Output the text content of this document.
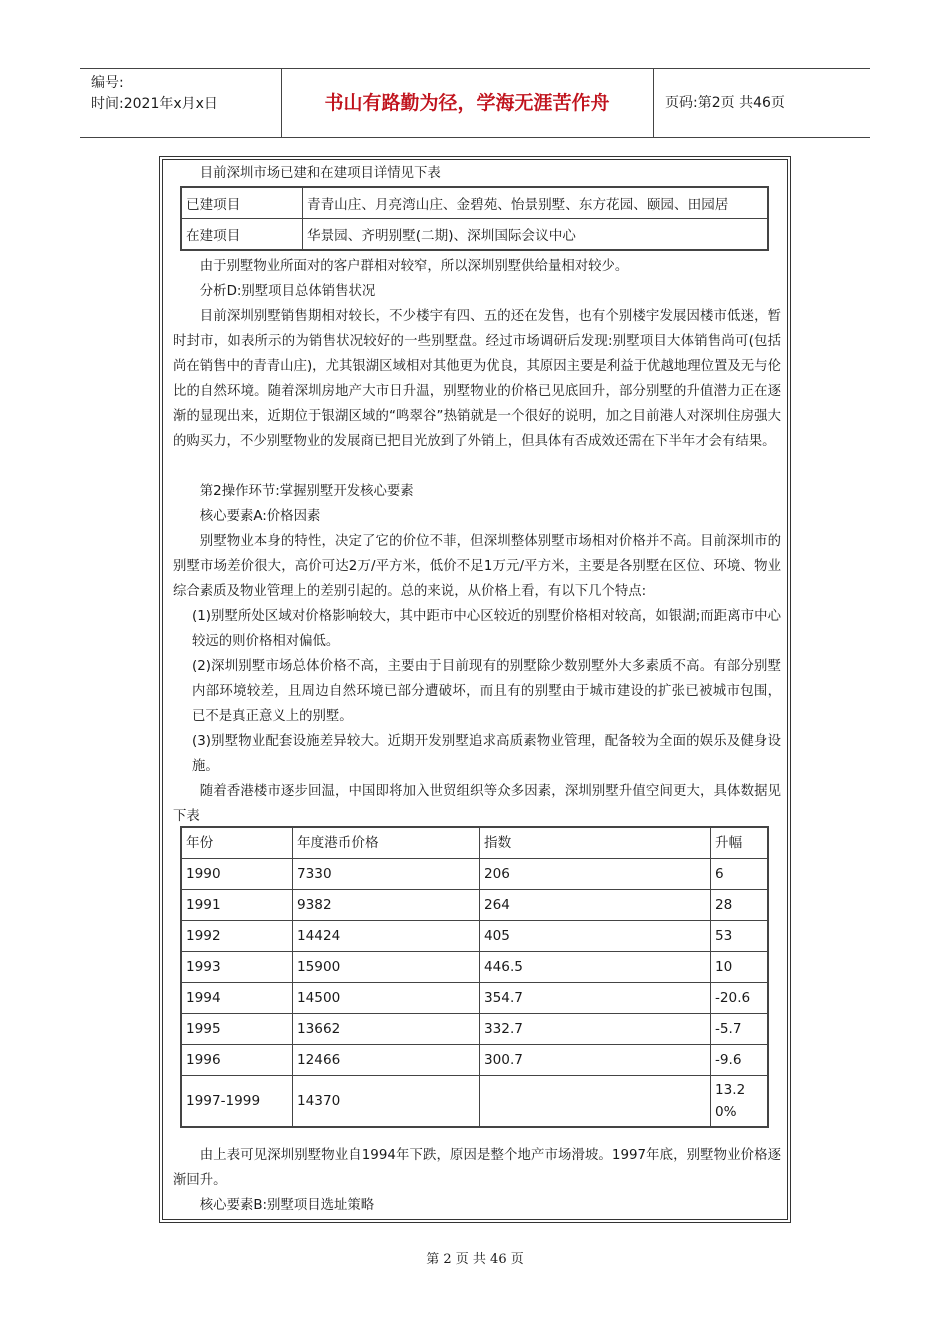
编号:
时间:2021年x月x日	书山有路勤为径，学海无涯苦作舟	页码:第2页 共46页

目前深圳市场已建和在建项目详情见下表

已建项目	青青山庄、月亮湾山庄、金碧苑、怡景别墅、东方花园、颐园、田园居
在建项目	华景园、齐明别墅(二期)、深圳国际会议中心

由于别墅物业所面对的客户群相对较窄，所以深圳别墅供给量相对较少。

分析D:别墅项目总体销售状况

目前深圳别墅销售期相对较长，不少楼宇有四、五的还在发售，也有个别楼宇发展因楼市低迷，暂时封市，如表所示的为销售状况较好的一些别墅盘。经过市场调研后发现:别墅项目大体销售尚可(包括尚在销售中的青青山庄)，尤其银湖区域相对其他更为优良，其原因主要是利益于优越地理位置及无与伦比的自然环境。随着深圳房地产大市日升温，别墅物业的价格已见底回升，部分别墅的升值潜力正在逐渐的显现出来，近期位于银湖区域的“鸣翠谷”热销就是一个很好的说明，加之目前港人对深圳住房强大的购买力，不少别墅物业的发展商已把目光放到了外销上，但具体有否成效还需在下半年才会有结果。

第2操作环节:掌握别墅开发核心要素

核心要素A:价格因素

别墅物业本身的特性，决定了它的价位不菲，但深圳整体别墅市场相对价格并不高。目前深圳市的别墅市场差价很大，高价可达2万/平方米，低价不足1万元/平方米，主要是各别墅在区位、环境、物业综合素质及物业管理上的差别引起的。总的来说，从价格上看，有以下几个特点:

(1)别墅所处区域对价格影响较大，其中距市中心区较近的别墅价格相对较高，如银湖;而距离市中心较远的则价格相对偏低。

(2)深圳别墅市场总体价格不高，主要由于目前现有的别墅除少数别墅外大多素质不高。有部分别墅内部环境较差，且周边自然环境已部分遭破坏，而且有的别墅由于城市建设的扩张已被城市包围，已不是真正意义上的别墅。

(3)别墅物业配套设施差异较大。近期开发别墅追求高质素物业管理，配备较为全面的娱乐及健身设施。

随着香港楼市逐步回温，中国即将加入世贸组织等众多因素，深圳别墅升值空间更大，具体数据见下表

年份	年度港币价格	指数	升幅
1990	7330	206	6
1991	9382	264	28
1992	14424	405	53
1993	15900	446.5	10
1994	14500	354.7	-20.6
1995	13662	332.7	-5.7
1996	12466	300.7	-9.6
1997-1999	14370		13.20%

由上表可见深圳别墅物业自1994年下跌，原因是整个地产市场滑坡。1997年底，别墅物业价格逐渐回升。

核心要素B:别墅项目选址策略

第 2 页 共 46 页
